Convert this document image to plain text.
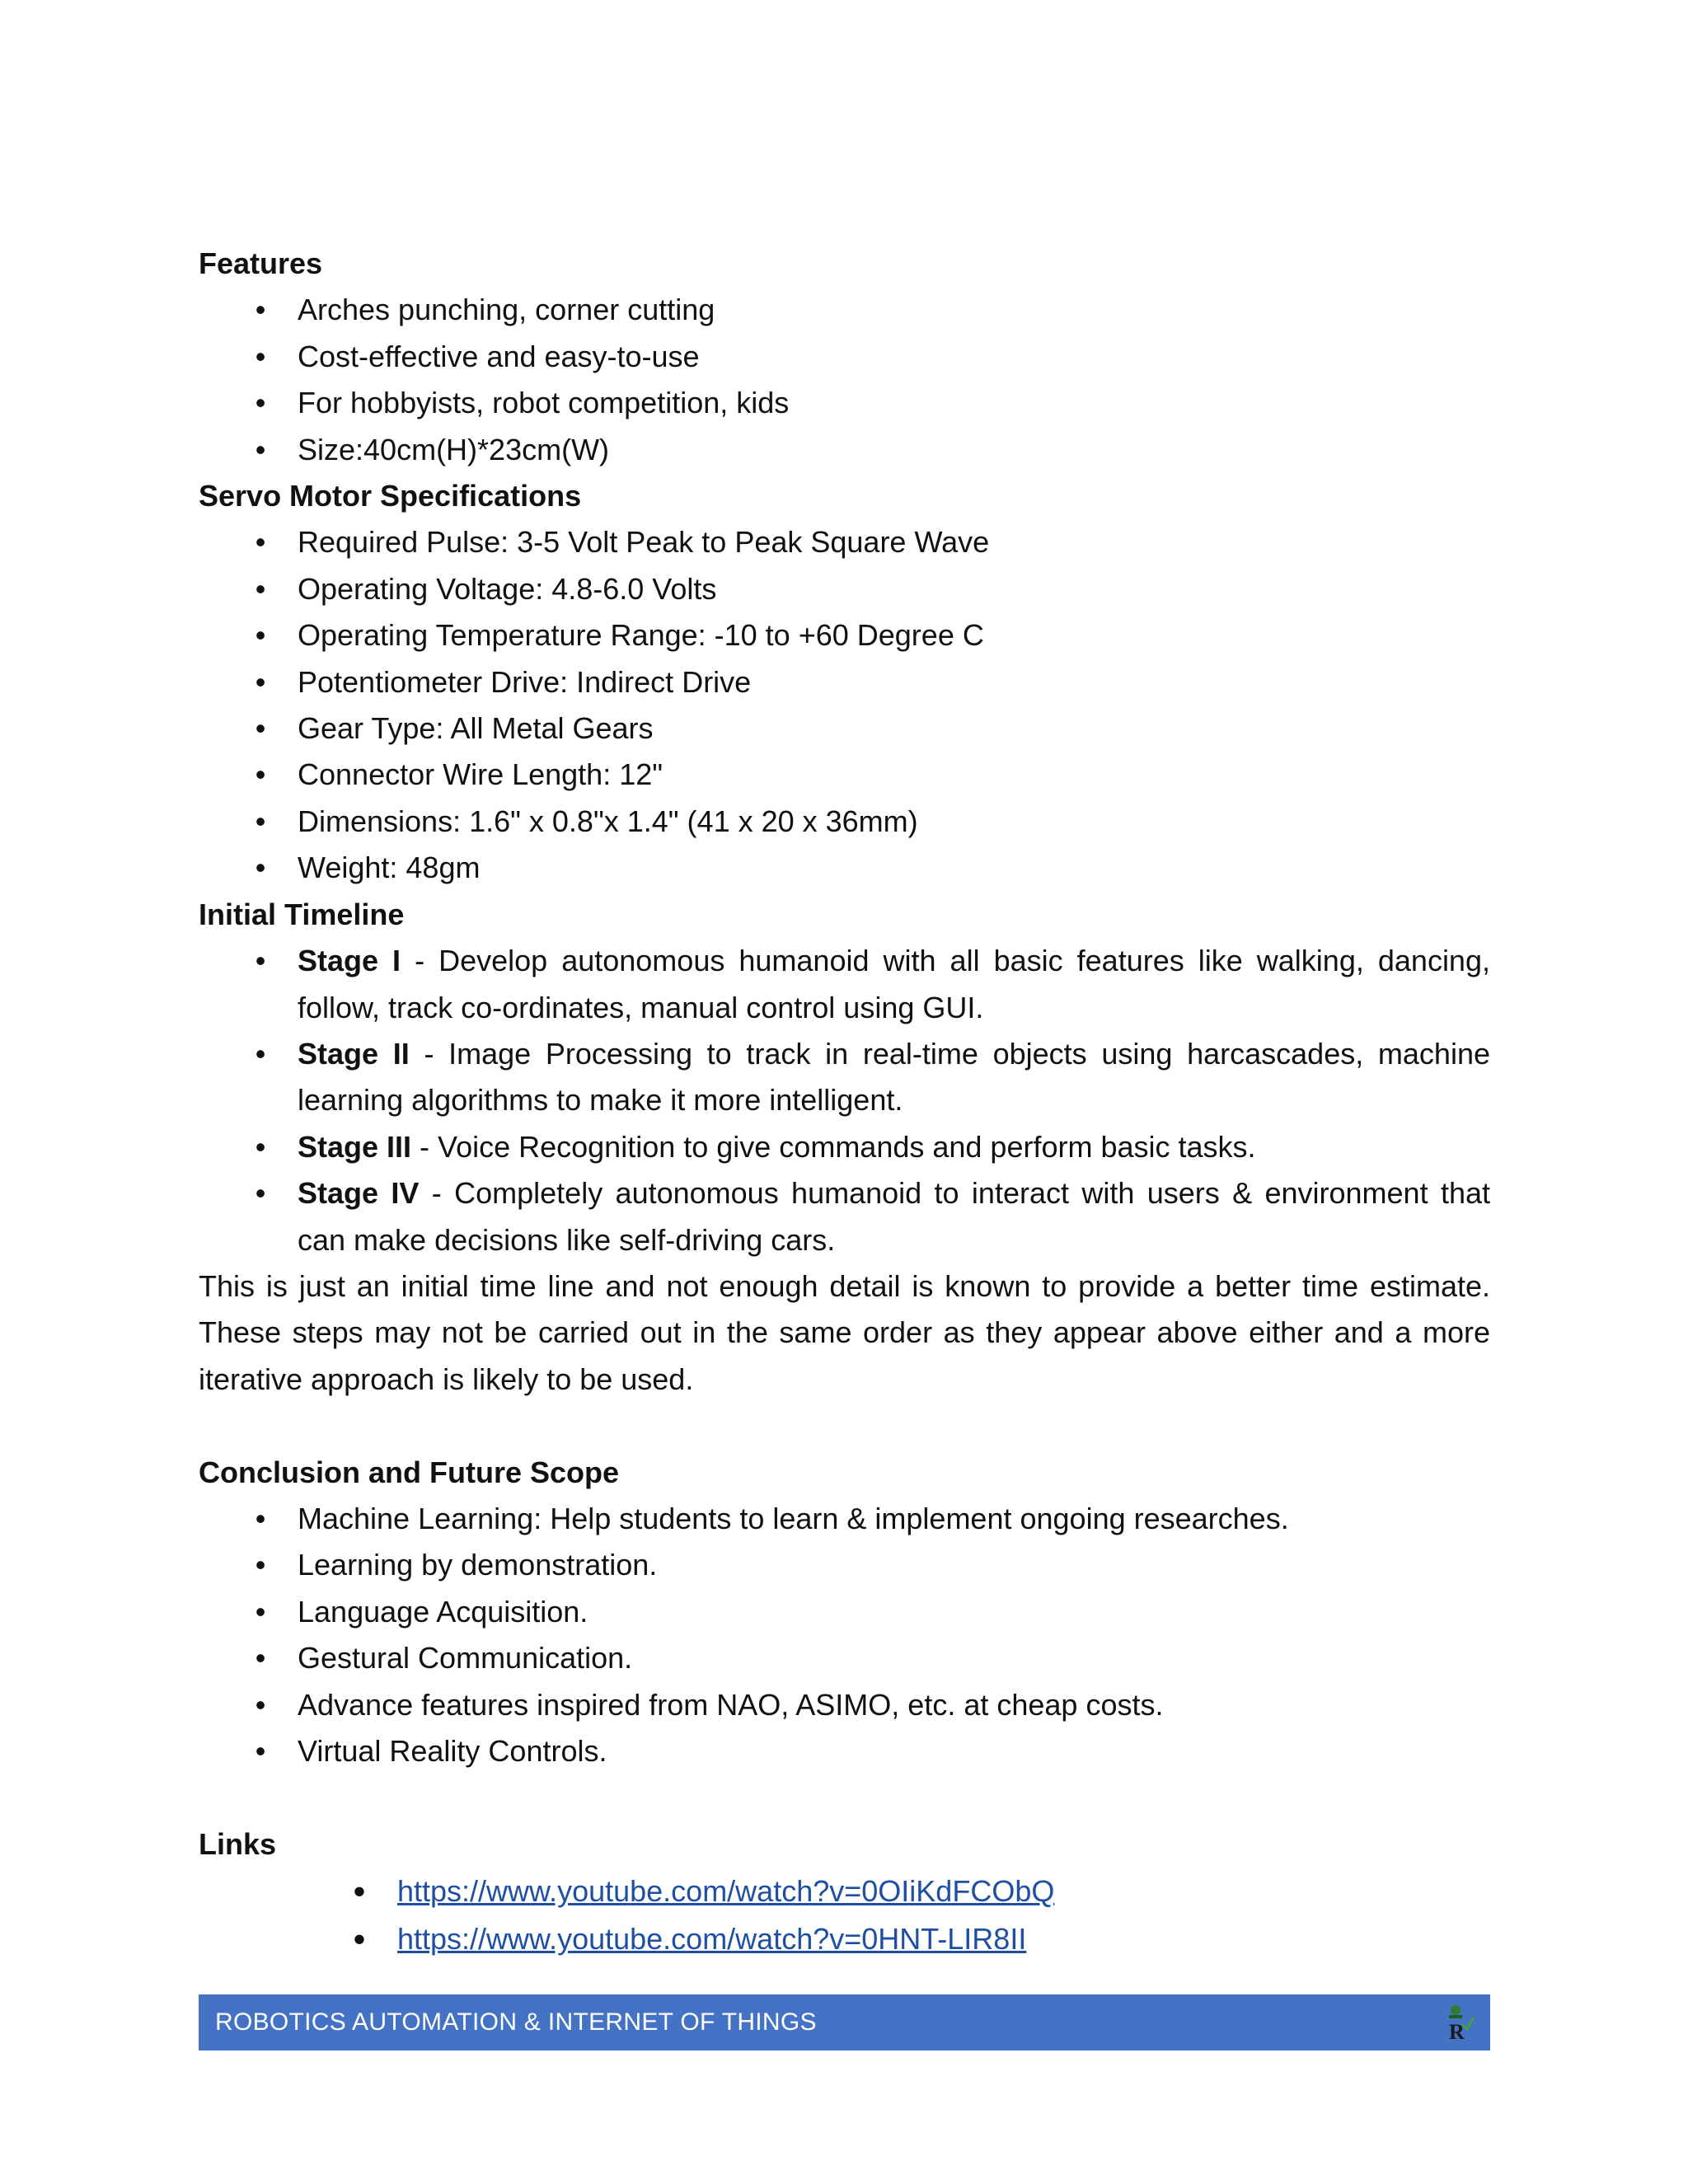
Features

• Arches punching, corner cutting
• Cost-effective and easy-to-use
• For hobbyists, robot competition, kids
• Size:40cm(H)*23cm(W)

Servo Motor Specifications

• Required Pulse: 3-5 Volt Peak to Peak Square Wave
• Operating Voltage: 4.8-6.0 Volts
• Operating Temperature Range: -10 to +60 Degree C
• Potentiometer Drive: Indirect Drive
• Gear Type: All Metal Gears
• Connector Wire Length: 12"
• Dimensions: 1.6" x 0.8"x 1.4" (41 x 20 x 36mm)
• Weight: 48gm

Initial Timeline

• Stage I - Develop autonomous humanoid with all basic features like walking, dancing, follow, track co-ordinates, manual control using GUI.
• Stage II - Image Processing to track in real-time objects using harcascades, machine learning algorithms to make it more intelligent.
• Stage III - Voice Recognition to give commands and perform basic tasks.
• Stage IV - Completely autonomous humanoid to interact with users & environment that can make decisions like self-driving cars.

This is just an initial time line and not enough detail is known to provide a better time estimate. These steps may not be carried out in the same order as they appear above either and a more iterative approach is likely to be used.

Conclusion and Future Scope

• Machine Learning: Help students to learn & implement ongoing researches.
• Learning by demonstration.
• Language Acquisition.
• Gestural Communication.
• Advance features inspired from NAO, ASIMO, etc. at cheap costs.
• Virtual Reality Controls.

Links

• https://www.youtube.com/watch?v=0OIiKdFCObQ
• https://www.youtube.com/watch?v=0HNT-LIR8II
ROBOTICS AUTOMATION & INTERNET OF THINGS	R
